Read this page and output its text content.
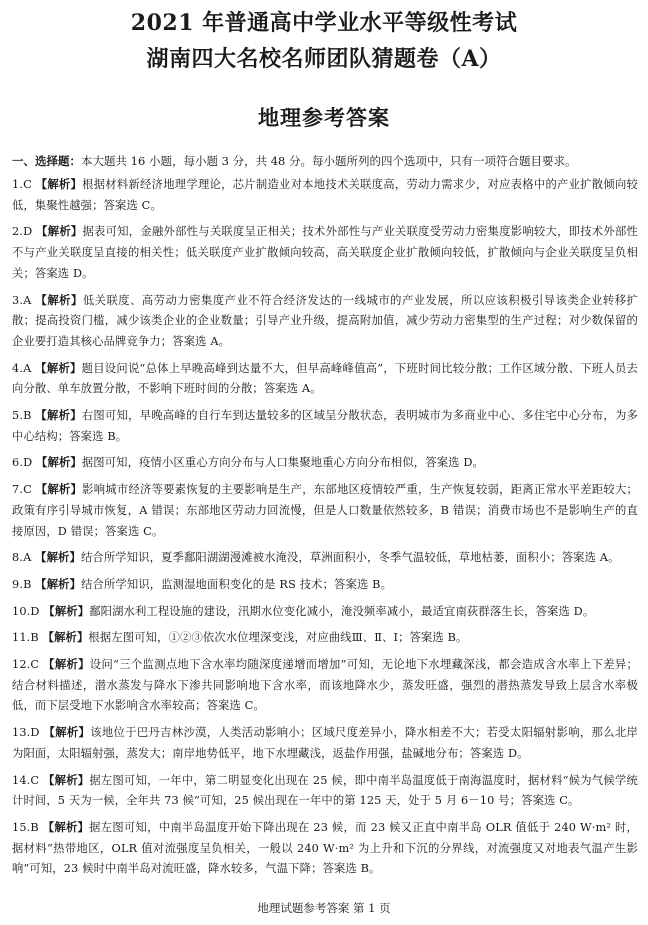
2021 年普通高中学业水平等级性考试
湖南四大名校名师团队猜题卷（A）
地理参考答案
一、选择题：本大题共 16 小题，每小题 3 分，共 48 分。每小题所列的四个选项中，只有一项符合题目要求。

1.C 【解析】根据材料新经济地理学理论，芯片制造业对本地技术关联度高，劳动力需求少，对应表格中的产业扩散倾向较低，集聚性越强；答案选 C。

2.D 【解析】据表可知，金融外部性与关联度呈正相关；技术外部性与产业关联度受劳动力密集度影响较大，即技术外部性不与产业关联度呈直接的相关性；低关联度产业扩散倾向较高，高关联度企业扩散倾向较低，扩散倾向与企业关联度呈负相关；答案选 D。

3.A 【解析】低关联度、高劳动力密集度产业不符合经济发达的一线城市的产业发展，所以应该积极引导该类企业转移扩散；提高投资门槛，减少该类企业的企业数量；引导产业升级，提高附加值，减少劳动力密集型的生产过程；对少数保留的企业要打造其核心品牌竞争力；答案选 A。

4.A 【解析】题目设问说“总体上早晚高峰到达量不大，但早高峰峰值高”，下班时间比较分散；工作区域分散、下班人员去向分散、单车放置分散，不影响下班时间的分散；答案选 A。

5.B 【解析】右图可知，早晚高峰的自行车到达量较多的区域呈分散状态，表明城市为多商业中心、多住宅中心分布，为多中心结构；答案选 B。

6.D 【解析】据图可知，疫情小区重心方向分布与人口集聚地重心方向分布相似，答案选 D。

7.C 【解析】影响城市经济等要素恢复的主要影响是生产，东部地区疫情较严重，生产恢复较弱，距离正常水平差距较大；政策有序引导城市恢复，A 错误；东部地区劳动力回流慢，但是人口数量依然较多，B 错误；消费市场也不是影响生产的直接原因，D 错误；答案选 C。

8.A 【解析】结合所学知识，夏季鄱阳湖湖漫滩被水淹没，草洲面积小，冬季气温较低，草地枯萎，面积小；答案选 A。

9.B 【解析】结合所学知识，监测湿地面积变化的是 RS 技术；答案选 B。

10.D 【解析】鄱阳湖水利工程设施的建设，汛期水位变化减小，淹没频率减小，最适宜南荻群落生长，答案选 D。

11.B 【解析】根据左图可知，①②③依次水位埋深变浅，对应曲线Ⅲ、Ⅱ、Ⅰ；答案选 B。

12.C 【解析】设问“三个监测点地下含水率均随深度递增而增加”可知，无论地下水埋藏深浅，都会造成含水率上下差异；结合材料描述，潜水蒸发与降水下渗共同影响地下含水率，而该地降水少，蒸发旺盛，强烈的潜热蒸发导致上层含水率极低，而下层受地下水影响含水率较高；答案选 C。

13.D 【解析】该地位于巴丹吉林沙漠，人类活动影响小；区域尺度差异小，降水相差不大；若受太阳辐射影响，那么北岸为阳面，太阳辐射强，蒸发大；南岸地势低平，地下水埋藏浅，返盐作用强，盐碱地分布；答案选 D。

14.C 【解析】据左图可知，一年中，第二明显变化出现在 25 候，即中南半岛温度低于南海温度时，据材料“候为气候学统计时间，5 天为一候，全年共 73 候”可知，25 候出现在一年中的第 125 天，处于 5 月 6－10 号；答案选 C。

15.B 【解析】据左图可知，中南半岛温度开始下降出现在 23 候，而 23 候又正直中南半岛 OLR 值低于 240 W·m² 时，据材料“热带地区，OLR 值对流强度呈负相关，一般以 240 W·m² 为上升和下沉的分界线，对流强度又对地表气温产生影响”可知，23 候时中南半岛对流旺盛，降水较多，气温下降；答案选 B。

地理试题参考答案 第 1 页
